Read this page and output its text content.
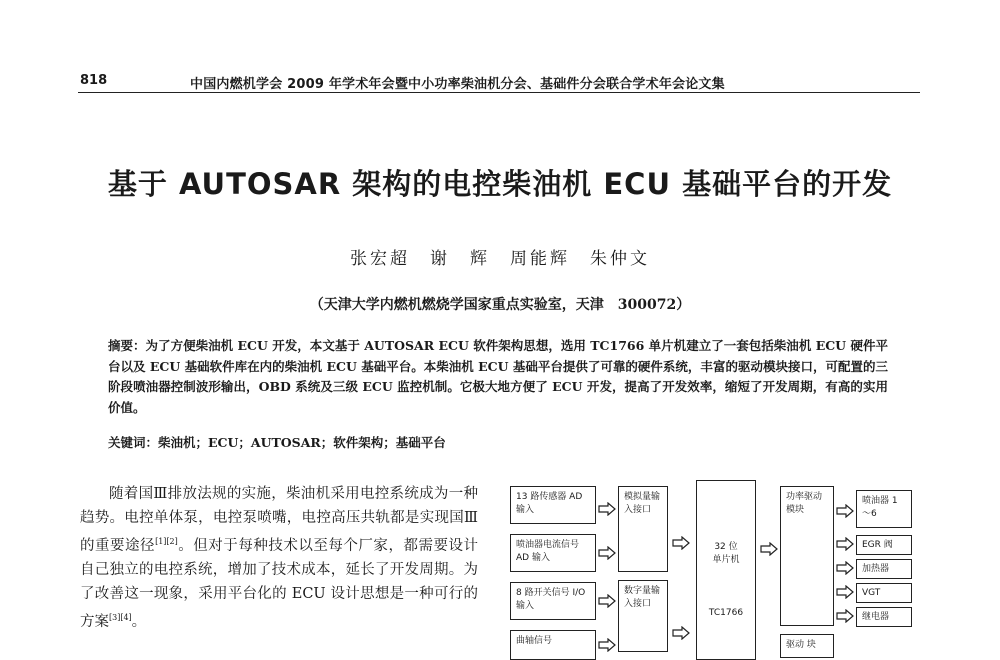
818	中国内燃机学会 2009 年学术年会暨中小功率柴油机分会、基础件分会联合学术年会论文集
基于 AUTOSAR 架构的电控柴油机 ECU 基础平台的开发
张宏超　谢　辉　周能辉　朱仲文
（天津大学内燃机燃烧学国家重点实验室，天津　300072）
摘要：为了方便柴油机 ECU 开发，本文基于 AUTOSAR ECU 软件架构思想，选用 TC1766 单片机建立了一套包括柴油机 ECU 硬件平台以及 ECU 基础软件库在内的柴油机 ECU 基础平台。本柴油机 ECU 基础平台提供了可靠的硬件系统，丰富的驱动模块接口，可配置的三阶段喷油器控制波形输出，OBD 系统及三级 ECU 监控机制。它极大地方便了 ECU 开发，提高了开发效率，缩短了开发周期，有高的实用价值。
关键词：柴油机；ECU；AUTOSAR；软件架构；基础平台

随着国Ⅲ排放法规的实施，柴油机采用电控系统成为一种趋势。电控单体泵，电控泵喷嘴，电控高压共轨都是实现国Ⅲ的重要途径[1][2]。但对于每种技术以至每个厂家，都需要设计自己独立的电控系统，增加了技术成本，延长了开发周期。为了改善这一现象，采用平台化的 ECU 设计思想是一种可行的方案[3][4]。

13 路传感器 AD 输入
喷油器电流信号 AD 输入
8 路开关信号 I/O输入
曲轴信号
模拟量输入接口
数字量输入接口
32 位
单片机
TC1766
功率驱动模块
驱动 块
喷油器 1～6
EGR 阀
加热器
VGT
继电器
